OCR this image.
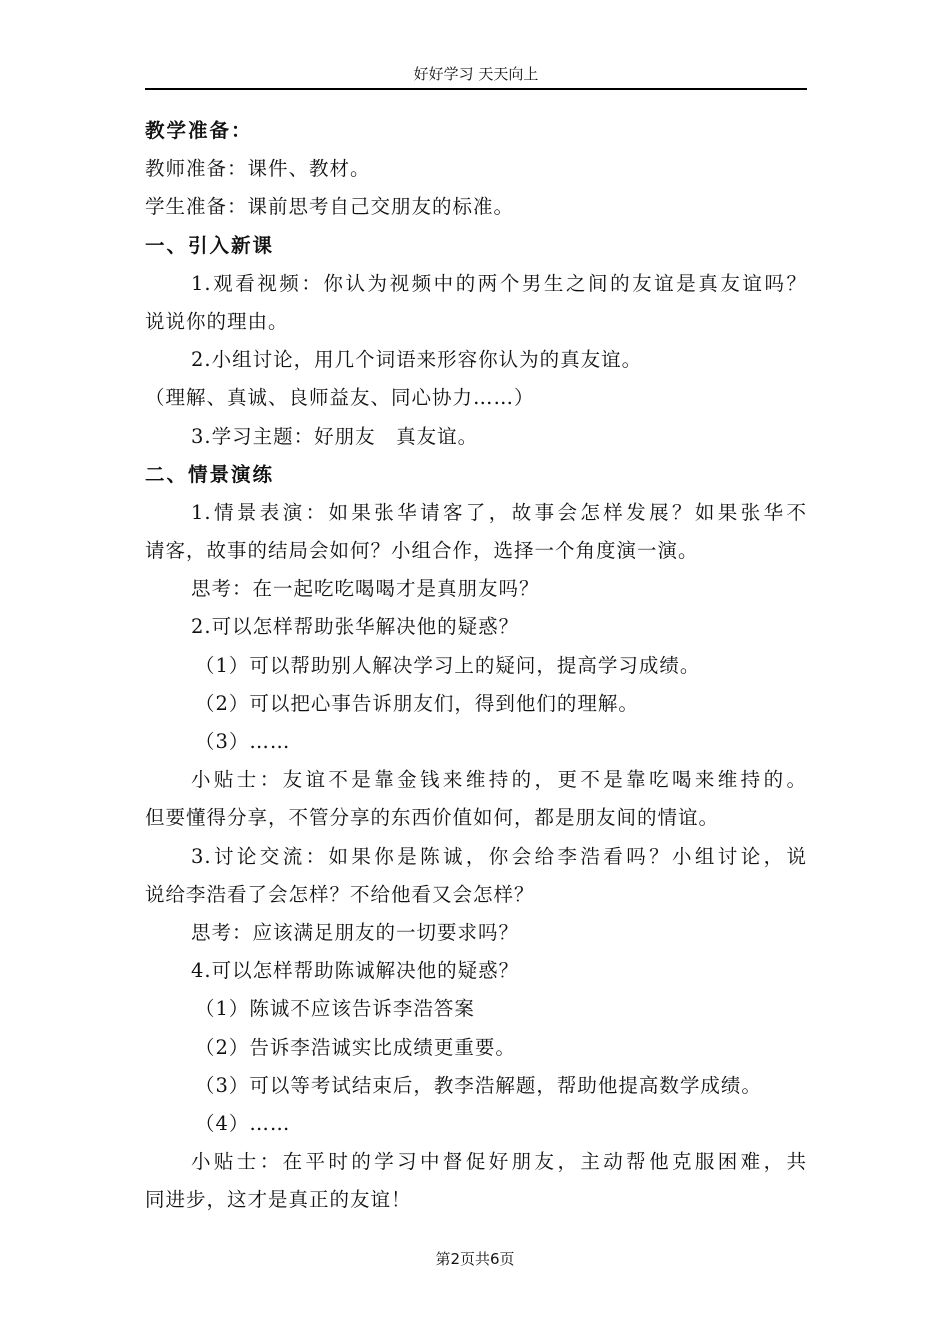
好好学习 天天向上
教学准备：
教师准备：课件、教材。
学生准备：课前思考自己交朋友的标准。
一、引入新课
1.观看视频：你认为视频中的两个男生之间的友谊是真友谊吗？
说说你的理由。
2.小组讨论，用几个词语来形容你认为的真友谊。
（理解、真诚、良师益友、同心协力……）
3.学习主题：好朋友　真友谊。
二、情景演练
1.情景表演：如果张华请客了，故事会怎样发展？如果张华不
请客，故事的结局会如何？小组合作，选择一个角度演一演。
思考：在一起吃吃喝喝才是真朋友吗？
2.可以怎样帮助张华解决他的疑惑？
（1）可以帮助别人解决学习上的疑问，提高学习成绩。
（2）可以把心事告诉朋友们，得到他们的理解。
（3）……
小贴士：友谊不是靠金钱来维持的，更不是靠吃喝来维持的。
但要懂得分享，不管分享的东西价值如何，都是朋友间的情谊。
3.讨论交流：如果你是陈诚，你会给李浩看吗？小组讨论，说
说给李浩看了会怎样？不给他看又会怎样？
思考：应该满足朋友的一切要求吗？
4.可以怎样帮助陈诚解决他的疑惑？
（1）陈诚不应该告诉李浩答案
（2）告诉李浩诚实比成绩更重要。
（3）可以等考试结束后，教李浩解题，帮助他提高数学成绩。
（4）……
小贴士：在平时的学习中督促好朋友，主动帮他克服困难，共
同进步，这才是真正的友谊！
第2页共6页
